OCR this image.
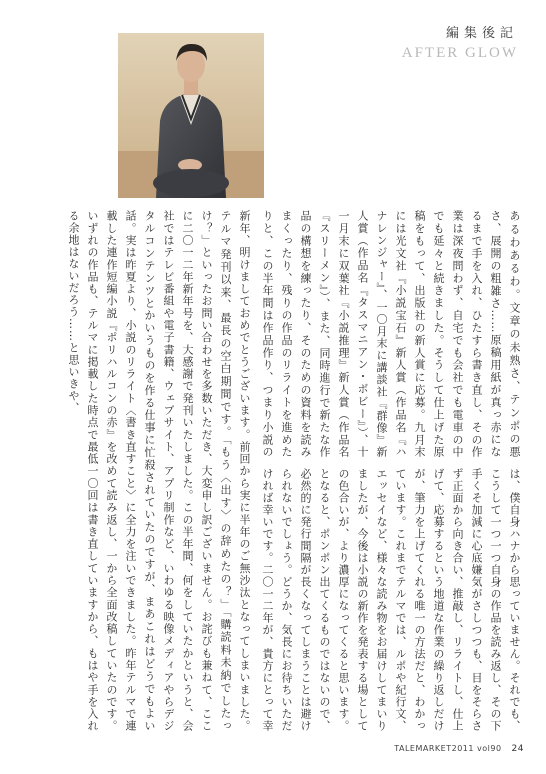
編集後記
AFTER GLOW

新年、明けましておめでとうございます。前回から実に半年のご無沙汰となってしまいました。テルマ発刊以来、最長の空白期間です。「もう〈出す〉の辞めたの？」「購読料未納でしたっけ？」といったお問い合わせを多数いただき、大変申し訳ございません。お詫びも兼ねて、ここに二〇一二年新年号を、大感謝で発刊いたしました。この半年間、何をしていたかというと、会社ではテレビ番組や電子書籍、ウェブサイト、アプリ制作など、いわゆる映像メディアやらデジタルコンテンツとかいうものを作る仕事に忙殺されていたのですが、まあこれはどうでもよい話。実は昨夏より、小説のリライト〈書き直すこと〉に全力を注いできました。昨年テルマで連載した連作短編小説『ポリハルコンの赤』を改めて読み返し、一から全面改稿していたのです。いずれの作品も、テルマに掲載した時点で最低一〇回は書き直していますから、もはや手を入れる余地はないだろう……と思いきや、	あるわあるわ。文章の未熟さ、テンポの悪さ、展開の粗雑さ……原稿用紙が真っ赤になるまで手を入れ、ひたすら書き直し、その作業は深夜問わず、自宅でも会社でも電車の中でも延々と続きました。そうして仕上げた原稿をもって、出版社の新人賞に応募。九月末には光文社『小説宝石』新人賞（作品名『ハナレンジャー』、一〇月末に講談社『群像』新人賞（作品名『タスマニアン・ボビー』）、十一月末に双葉社『小説推理』新人賞（作品名『スリーメン』）、また、同時進行で新たな作品の構想を練ったり、そのための資料を読みまくったり、残りの作品のリライトを進めたりと、この半年間は作品作り、つまり小説の

は、僕自身ハナから思っていません。それでも、こうして一つ一つ自身の作品を読み返し、その下手くそ加減に心底嫌気がさしつつも、目をそらさず正面から向き合い、推敲し、リライトし、仕上げて、応募するという地道な作業の繰り返しだけが、筆力を上げてくれる唯一の方法だと、わかっています。これまでテルマでは、ルポや紀行文、エッセイなど、様々な読み物をお届けしてまいりましたが、今後は小説の新作を発表する場としての色合いが、より濃厚になってくると思います。となると、ポンポン出てくるものではないので、必然的に発行間隔が長くなってしまうことは避けられないでしょう。どうか、気長にお待ちいただければ幸いです。二〇一二年が、貴方にとって幸

TALEMARKET2011 vol90 24
